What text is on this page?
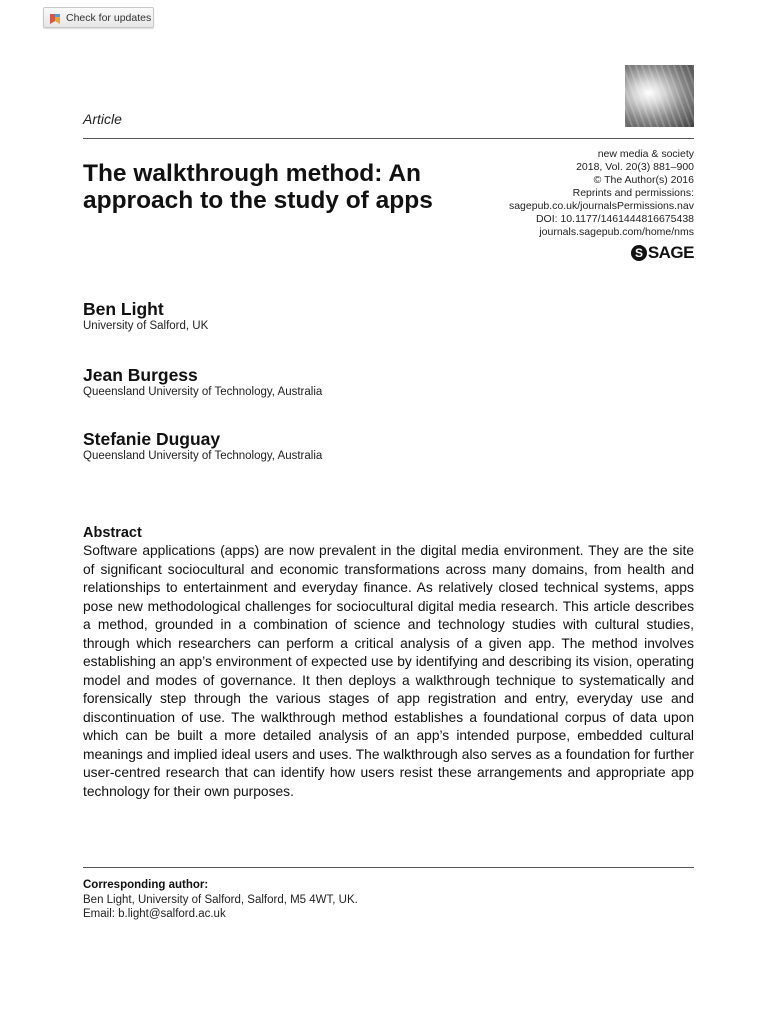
Check for updates
Article
The walkthrough method: An approach to the study of apps
new media & society
2018, Vol. 20(3) 881–900
© The Author(s) 2016
Reprints and permissions:
sagepub.co.uk/journalsPermissions.nav
DOI: 10.1177/1461444816675438
journals.sagepub.com/home/nms
S SAGE
Ben Light
University of Salford, UK
Jean Burgess
Queensland University of Technology, Australia
Stefanie Duguay
Queensland University of Technology, Australia
Abstract

Software applications (apps) are now prevalent in the digital media environment. They are the site of significant sociocultural and economic transformations across many domains, from health and relationships to entertainment and everyday finance. As relatively closed technical systems, apps pose new methodological challenges for sociocultural digital media research. This article describes a method, grounded in a combination of science and technology studies with cultural studies, through which researchers can perform a critical analysis of a given app. The method involves establishing an app’s environment of expected use by identifying and describing its vision, operating model and modes of governance. It then deploys a walkthrough technique to systematically and forensically step through the various stages of app registration and entry, everyday use and discontinuation of use. The walkthrough method establishes a foundational corpus of data upon which can be built a more detailed analysis of an app’s intended purpose, embedded cultural meanings and implied ideal users and uses. The walkthrough also serves as a foundation for further user-centred research that can identify how users resist these arrangements and appropriate app technology for their own purposes.

Corresponding author:
Ben Light, University of Salford, Salford, M5 4WT, UK.
Email: b.light@salford.ac.uk
